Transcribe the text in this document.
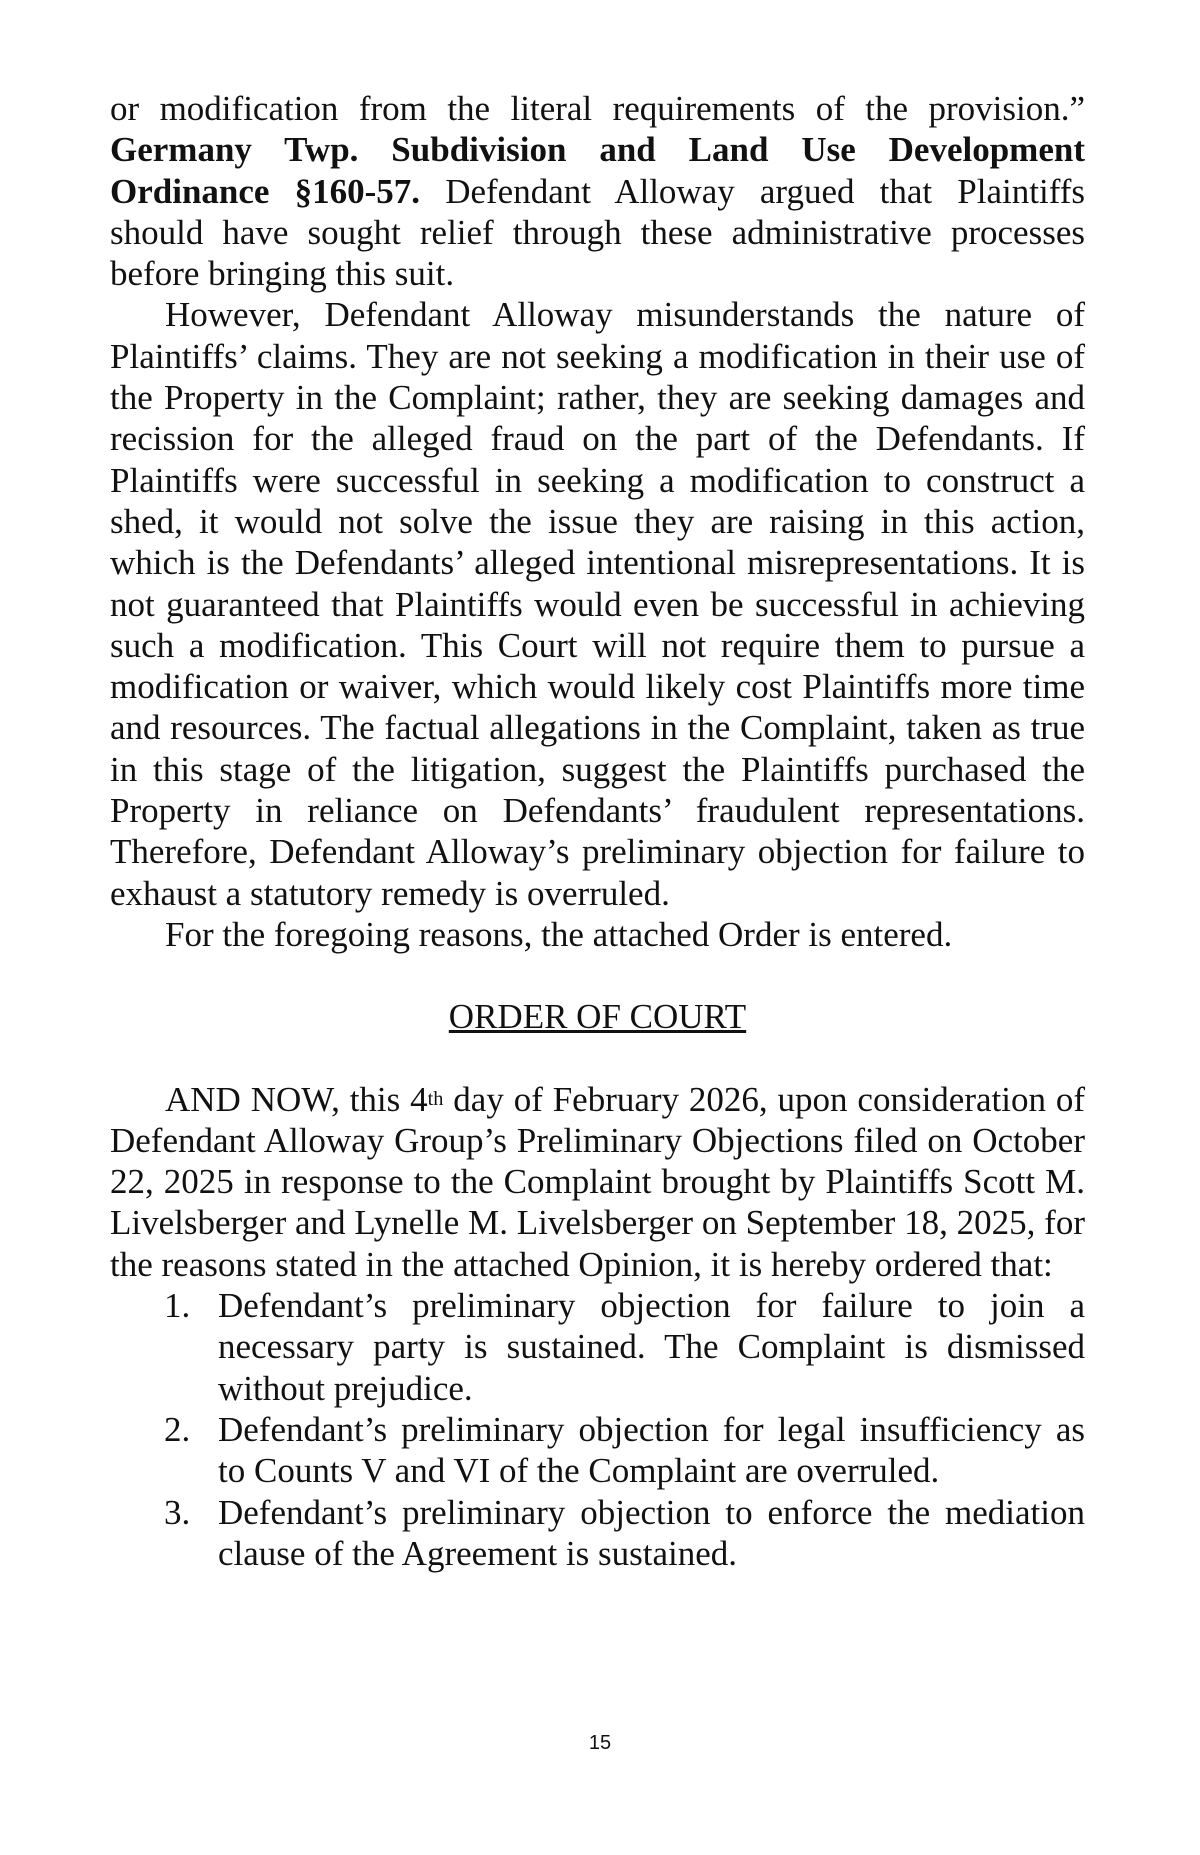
or modification from the literal requirements of the provision.” Germany Twp. Subdivision and Land Use Development Ordinance §160-57. Defendant Alloway argued that Plaintiffs should have sought relief through these administrative processes before bringing this suit.

However, Defendant Alloway misunderstands the nature of Plaintiffs’ claims. They are not seeking a modification in their use of the Property in the Complaint; rather, they are seeking damages and recission for the alleged fraud on the part of the Defendants. If Plaintiffs were successful in seeking a modification to construct a shed, it would not solve the issue they are raising in this action, which is the Defendants’ alleged intentional misrepresentations. It is not guaranteed that Plaintiffs would even be successful in achieving such a modification. This Court will not require them to pursue a modification or waiver, which would likely cost Plaintiffs more time and resources. The factual allegations in the Complaint, taken as true in this stage of the litigation, suggest the Plaintiffs purchased the Property in reliance on Defendants’ fraudulent representations. Therefore, Defendant Alloway’s preliminary objection for failure to exhaust a statutory remedy is overruled.

For the foregoing reasons, the attached Order is entered.

ORDER OF COURT

AND NOW, this 4th day of February 2026, upon consideration of Defendant Alloway Group’s Preliminary Objections filed on October 22, 2025 in response to the Complaint brought by Plaintiffs Scott M. Livelsberger and Lynelle M. Livelsberger on September 18, 2025, for the reasons stated in the attached Opinion, it is hereby ordered that:

1. Defendant’s preliminary objection for failure to join a necessary party is sustained. The Complaint is dismissed without prejudice.
2. Defendant’s preliminary objection for legal insufficiency as to Counts V and VI of the Complaint are overruled.
3. Defendant’s preliminary objection to enforce the mediation clause of the Agreement is sustained.
15
